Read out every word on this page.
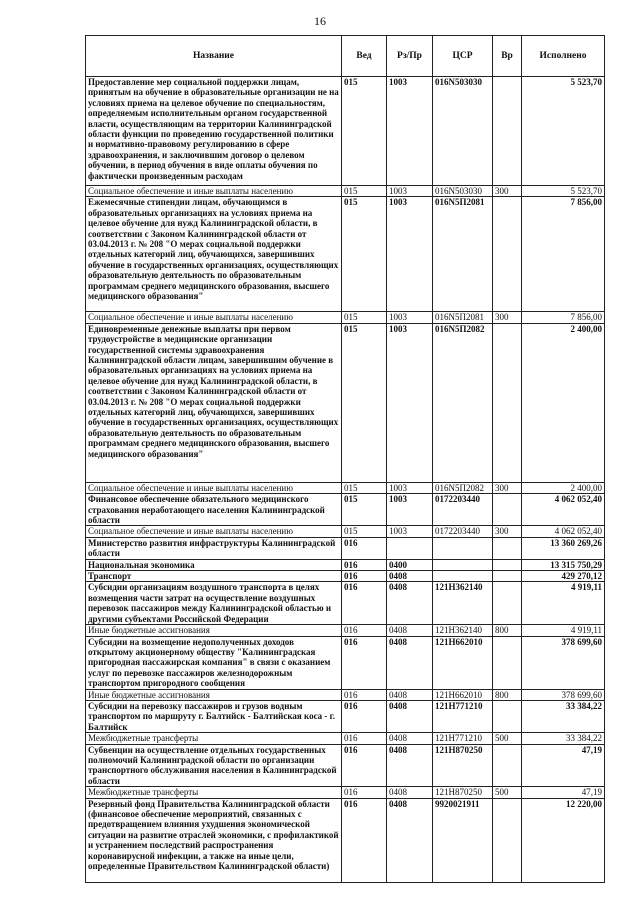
16
Название	Вед	Рз/Пр	ЦСР	Вр	Исполнено
Предоставление мер социальной поддержки лицам, принятым на обучение в образовательные организации не на условиях приема на целевое обучение по специальностям, определяемым исполнительным органом государственной власти, осуществляющим на территории Калининградской области функции по проведению государственной политики и нормативно-правовому регулированию в сфере здравоохранения, и заключившим договор о целевом обучении, в период обучения в виде оплаты обучения по фактически произведенным расходам	015	1003	016N503030		5 523,70
Социальное обеспечение и иные выплаты населению	015	1003	016N503030	300	5 523,70
Ежемесячные стипендии лицам, обучающимся в образовательных организациях на условиях приема на целевое обучение для нужд Калининградской области, в соответствии с Законом Калининградской области от 03.04.2013 г. № 208 "О мерах социальной поддержки отдельных категорий лиц, обучающихся, завершивших обучение в государственных организациях, осуществляющих образовательную деятельность по образовательным программам среднего медицинского образования, высшего медицинского образования"	015	1003	016N5П2081		7 856,00
Социальное обеспечение и иные выплаты населению	015	1003	016N5П2081	300	7 856,00
Единовременные денежные выплаты при первом трудоустройстве в медицинские организации государственной системы здравоохранения Калининградской области лицам, завершившим обучение в образовательных организациях на условиях приема на целевое обучение для нужд Калининградской области, в соответствии с Законом Калининградской области от 03.04.2013 г. № 208 "О мерах социальной поддержки отдельных категорий лиц, обучающихся, завершивших обучение в государственных организациях, осуществляющих образовательную деятельность по образовательным программам среднего медицинского образования, высшего медицинского образования"	015	1003	016N5П2082		2 400,00
Социальное обеспечение и иные выплаты населению	015	1003	016N5П2082	300	2 400,00
Финансовое обеспечение обязательного медицинского страхования неработающего населения Калининградской области	015	1003	0172203440		4 062 052,40
Социальное обеспечение и иные выплаты населению	015	1003	0172203440	300	4 062 052,40
Министерство развития инфраструктуры Калининградской области	016				13 360 269,26
Национальная экономика	016	0400			13 315 750,29
Транспорт	016	0408			429 270,12
Субсидии организациям воздушного транспорта в целях возмещения части затрат на осуществление воздушных перевозок пассажиров между Калининградской областью и другими субъектами Российской Федерации	016	0408	121Н362140		4 919,11
Иные бюджетные ассигнования	016	0408	121Н362140	800	4 919,11
Субсидии на возмещение недополученных доходов открытому акционерному обществу "Калининградская пригородная пассажирская компания" в связи с оказанием услуг по перевозке пассажиров железнодорожным транспортом пригородного сообщения	016	0408	121Н662010		378 699,60
Иные бюджетные ассигнования	016	0408	121Н662010	800	378 699,60
Субсидии на перевозку пассажиров и грузов водным транспортом по маршруту г. Балтийск - Балтийская коса - г. Балтийск	016	0408	121Н771210		33 384,22
Межбюджетные трансферты	016	0408	121Н771210	500	33 384,22
Субвенции на осуществление отдельных государственных полномочий Калининградской области по организации транспортного обслуживания населения в Калининградской области	016	0408	121Н870250		47,19
Межбюджетные трансферты	016	0408	121Н870250	500	47,19
Резервный фонд Правительства Калининградской области (финансовое обеспечение мероприятий, связанных с предотвращением влияния ухудшения экономической ситуации на развитие отраслей экономики, с профилактикой и устранением последствий распространения коронавирусной инфекции, а также на иные цели, определенные Правительством Калининградской области)	016	0408	9920021911		12 220,00
